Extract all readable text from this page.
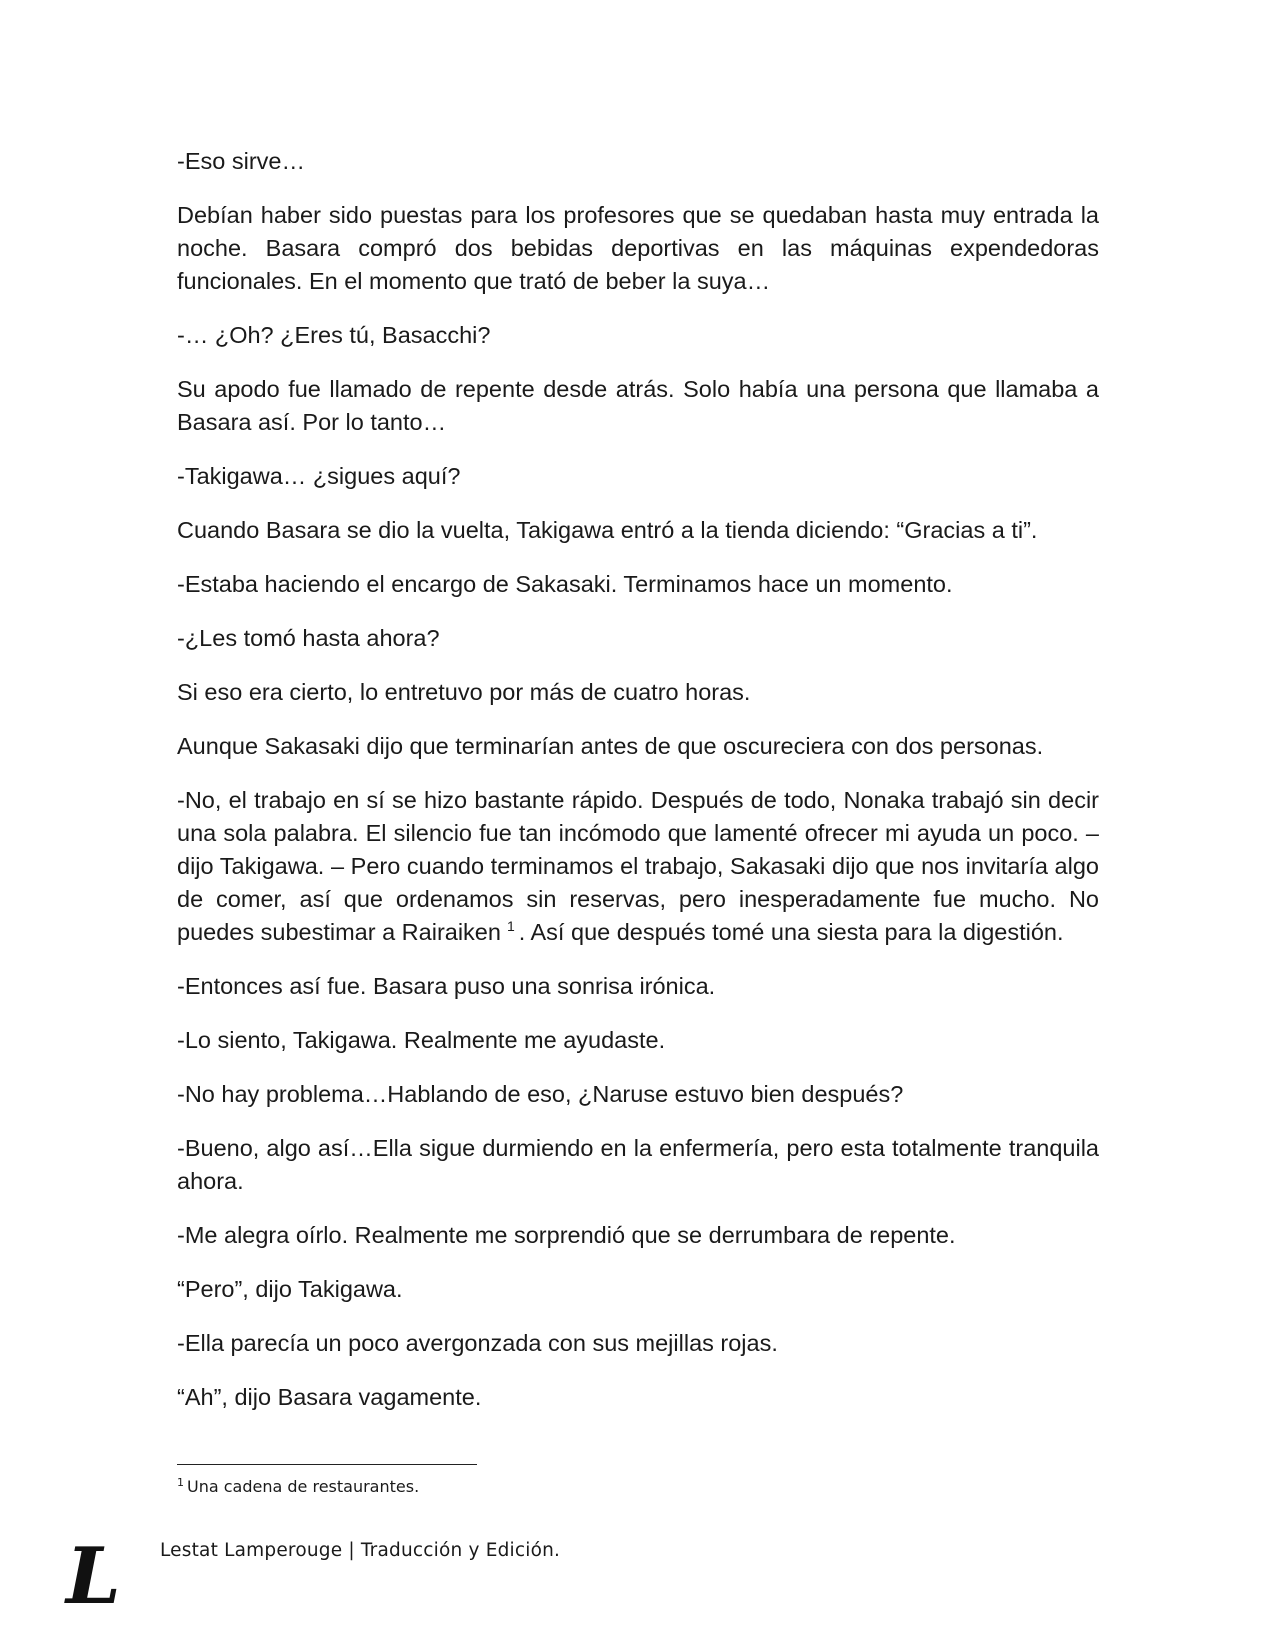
-Eso sirve…

Debían haber sido puestas para los profesores que se quedaban hasta muy entrada la noche. Basara compró dos bebidas deportivas en las máquinas expendedoras funcionales. En el momento que trató de beber la suya…

-… ¿Oh? ¿Eres tú, Basacchi?

Su apodo fue llamado de repente desde atrás. Solo había una persona que llamaba a Basara así. Por lo tanto…

-Takigawa… ¿sigues aquí?

Cuando Basara se dio la vuelta, Takigawa entró a la tienda diciendo: “Gracias a ti”.

-Estaba haciendo el encargo de Sakasaki. Terminamos hace un momento.

-¿Les tomó hasta ahora?

Si eso era cierto, lo entretuvo por más de cuatro horas.

Aunque Sakasaki dijo que terminarían antes de que oscureciera con dos personas.

-No, el trabajo en sí se hizo bastante rápido. Después de todo, Nonaka trabajó sin decir una sola palabra. El silencio fue tan incómodo que lamenté ofrecer mi ayuda un poco. – dijo Takigawa. – Pero cuando terminamos el trabajo, Sakasaki dijo que nos invitaría algo de comer, así que ordenamos sin reservas, pero inesperadamente fue mucho. No puedes subestimar a Rairaiken $^1$ . Así que después tomé una siesta para la digestión.

-Entonces así fue. Basara puso una sonrisa irónica.

-Lo siento, Takigawa. Realmente me ayudaste.

-No hay problema…Hablando de eso, ¿Naruse estuvo bien después?

-Bueno, algo así…Ella sigue durmiendo en la enfermería, pero esta totalmente tranquila ahora.

-Me alegra oírlo. Realmente me sorprendió que se derrumbara de repente.

“Pero”, dijo Takigawa.

-Ella parecía un poco avergonzada con sus mejillas rojas.

“Ah”, dijo Basara vagamente.

$^1$ Una cadena de restaurantes.
L Lestat Lamperouge | Traducción y Edición.
